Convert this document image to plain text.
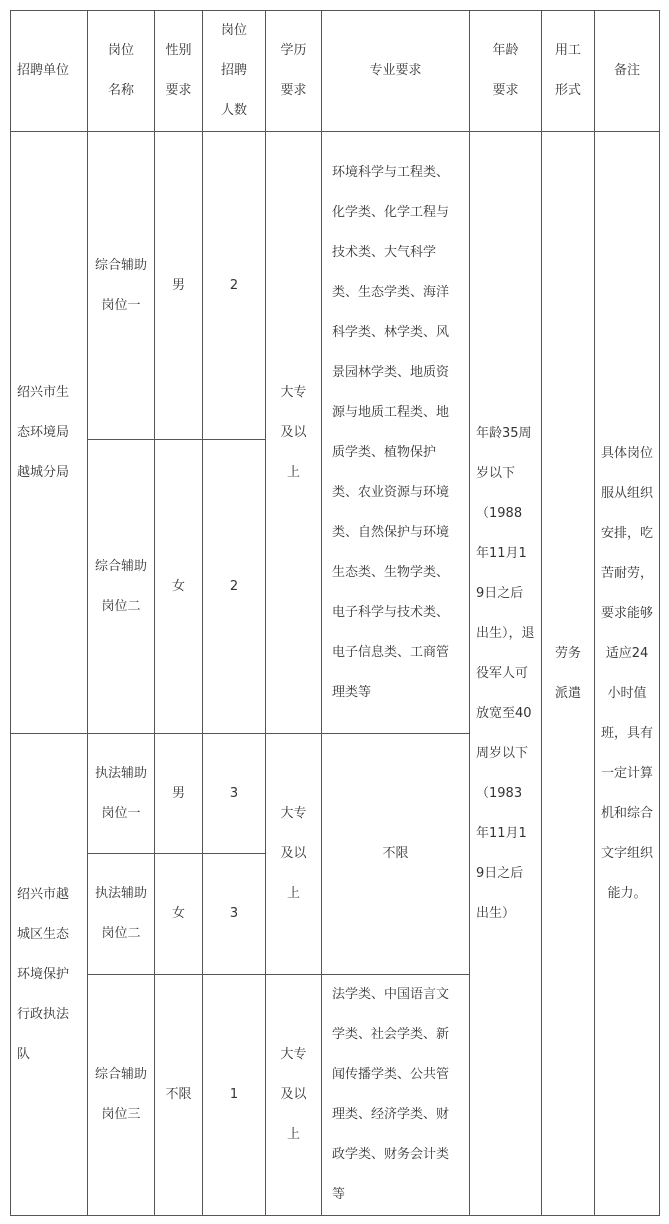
招聘单位	岗位名称	性别要求	岗位招聘人数	学历要求	专业要求	年龄要求	用工形式	备注
绍兴市生态环境局越城分局	综合辅助岗位一	男	2	大专及以上	环境科学与工程类、化学类、化学工程与技术类、大气科学类、生态学类、海洋科学类、林学类、风景园林学类、地质资源与地质工程类、地质学类、植物保护类、农业资源与环境类、自然保护与环境生态类、生物学类、电子科学与技术类、电子信息类、工商管理类等	年龄35周岁以下（1988年11月19日之后出生），退役军人可放宽至40周岁以下（1983年11月19日之后出生）	劳务派遣	具体岗位服从组织安排，吃苦耐劳，要求能够适应24小时值班，具有一定计算机和综合文字组织能力。
	综合辅助岗位二	女	2					
绍兴市越城区生态环境保护行政执法队	执法辅助岗位一	男	3	大专及以上	不限			
	执法辅助岗位二	女	3					
	综合辅助岗位三	不限	1	大专及以上	法学类、中国语言文学类、社会学类、新闻传播学类、公共管理类、经济学类、财政学类、财务会计类等			
